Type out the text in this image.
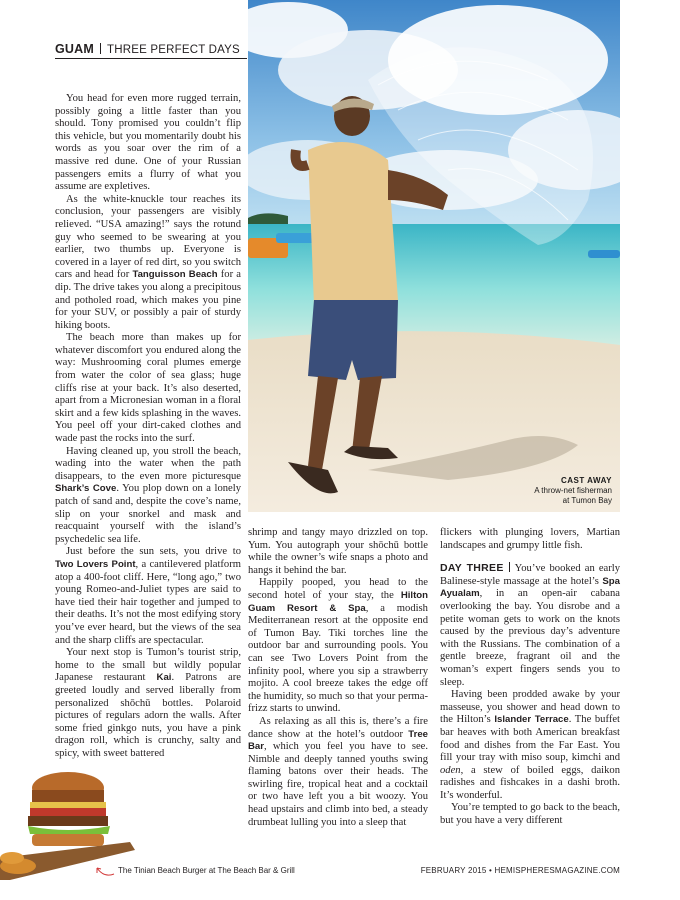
GUAM THREE PERFECT DAYS
CAST AWAY
A throw-net fisherman
at Tumon Bay

You head for even more rugged terrain, possibly going a little faster than you should. Tony promised you couldn’t flip this vehicle, but you momentarily doubt his words as you soar over the rim of a massive red dune. One of your Russian passengers emits a flurry of what you assume are expletives.

As the white-knuckle tour reaches its conclusion, your passengers are visibly relieved. “USA amazing!” says the rotund guy who seemed to be swearing at you earlier, two thumbs up. Everyone is covered in a layer of red dirt, so you switch cars and head for Tanguisson Beach for a dip. The drive takes you along a precipitous and potholed road, which makes you pine for your SUV, or possibly a pair of sturdy hiking boots.

The beach more than makes up for whatever discomfort you endured along the way: Mushrooming coral plumes emerge from water the color of sea glass; huge cliffs rise at your back. It’s also deserted, apart from a Micronesian woman in a floral skirt and a few kids splashing in the waves. You peel off your dirt-caked clothes and wade past the rocks into the surf.

Having cleaned up, you stroll the beach, wading into the water when the path disappears, to the even more picturesque Shark’s Cove. You plop down on a lonely patch of sand and, despite the cove’s name, slip on your snorkel and mask and reacquaint yourself with the island’s psychedelic sea life.

Just before the sun sets, you drive to Two Lovers Point, a cantilevered platform atop a 400-foot cliff. Here, “long ago,” two young Romeo-and-Juliet types are said to have tied their hair together and jumped to their deaths. It’s not the most edifying story you’ve ever heard, but the views of the sea and the sharp cliffs are spectacular.

Your next stop is Tumon’s tourist strip, home to the small but wildly popular Japanese restaurant Kai. Patrons are greeted loudly and served liberally from personalized shōchū bottles. Polaroid pictures of regulars adorn the walls. After some fried ginkgo nuts, you have a pink dragon roll, which is crunchy, salty and spicy, with sweet battered

shrimp and tangy mayo drizzled on top. Yum. You autograph your shōchū bottle while the owner’s wife snaps a photo and hangs it behind the bar.

Happily pooped, you head to the second hotel of your stay, the Hilton Guam Resort & Spa, a modish Mediterranean resort at the opposite end of Tumon Bay. Tiki torches line the outdoor bar and surrounding pools. You can see Two Lovers Point from the infinity pool, where you sip a strawberry mojito. A cool breeze takes the edge off the humidity, so much so that your perma-frizz starts to unwind.

As relaxing as all this is, there’s a fire dance show at the hotel’s outdoor Tree Bar, which you feel you have to see. Nimble and deeply tanned youths swing flaming batons over their heads. The swirling fire, tropical heat and a cocktail or two have left you a bit woozy. You head upstairs and climb into bed, a steady drumbeat lulling you into a sleep that

flickers with plunging lovers, Martian landscapes and grumpy little fish.

DAY THREE You’ve booked an early Balinese-style massage at the hotel’s Spa Ayualam, in an open-air cabana overlooking the bay. You disrobe and a petite woman gets to work on the knots caused by the previous day’s adventure with the Russians. The combination of a gentle breeze, fragrant oil and the woman’s expert fingers sends you to sleep.

Having been prodded awake by your masseuse, you shower and head down to the Hilton’s Islander Terrace. The buffet bar heaves with both American breakfast food and dishes from the Far East. You fill your tray with miso soup, kimchi and oden, a stew of boiled eggs, daikon radishes and fishcakes in a dashi broth. It’s wonderful.

You’re tempted to go back to the beach, but you have a very different

The Tinian Beach Burger at The Beach Bar & Grill	FEBRUARY 2015 • HEMISPHERESMAGAZINE.COM
